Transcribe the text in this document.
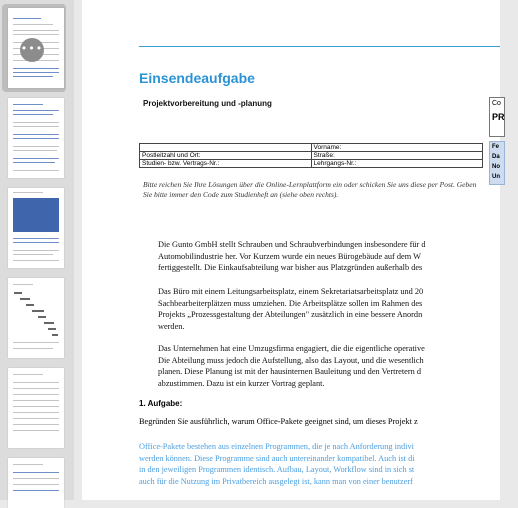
•••
Einsendeaufgabe
Projektvorbereitung und -planung	Co
PR
Fe
Da
No
Un
	Vorname:
Postleitzahl und Ort:	Straße:
Studien- bzw. Vertrags-Nr.:	Lehrgangs-Nr.:
Bitte reichen Sie Ihre Lösungen über die Online-Lernplattform ein oder schicken Sie uns diese per Post. Geben Sie bitte immer den Code zum Studienheft an (siehe oben rechts).
Die Gunto GmbH stellt Schrauben und Schraubverbindungen insbesondere für d
Automobilindustrie her. Vor Kurzem wurde ein neues Bürogebäude auf dem W
fertiggestellt. Die Einkaufsabteilung war bisher aus Platzgründen außerhalb des
Das Büro mit einem Leitungsarbeitsplatz, einem Sekretariatsarbeitsplatz und 20
Sachbearbeiterplätzen muss umziehen. Die Arbeitsplätze sollen im Rahmen des
Projekts „Prozessgestaltung der Abteilungen" zusätzlich in eine bessere Anordn
werden.
Das Unternehmen hat eine Umzugsfirma engagiert, die die eigentliche operative
Die Abteilung muss jedoch die Aufstellung, also das Layout, und die wesentlich
planen. Diese Planung ist mit der hausinternen Bauleitung und den Vertretern d
abzustimmen. Dazu ist ein kurzer Vortrag geplant.
1. Aufgabe:
Begründen Sie ausführlich, warum Office-Pakete geeignet sind, um dieses Projekt z
Office-Pakete bestehen aus einzelnen Programmen, die je nach Anforderung indivi
werden können. Diese Programme sind auch untereinander kompatibel. Auch ist di
in den jeweiligen Programmen identisch. Aufbau, Layout, Workflow sind in sich st
auch für die Nutzung im Privatbereich ausgelegt ist, kann man von einer benutzerf
